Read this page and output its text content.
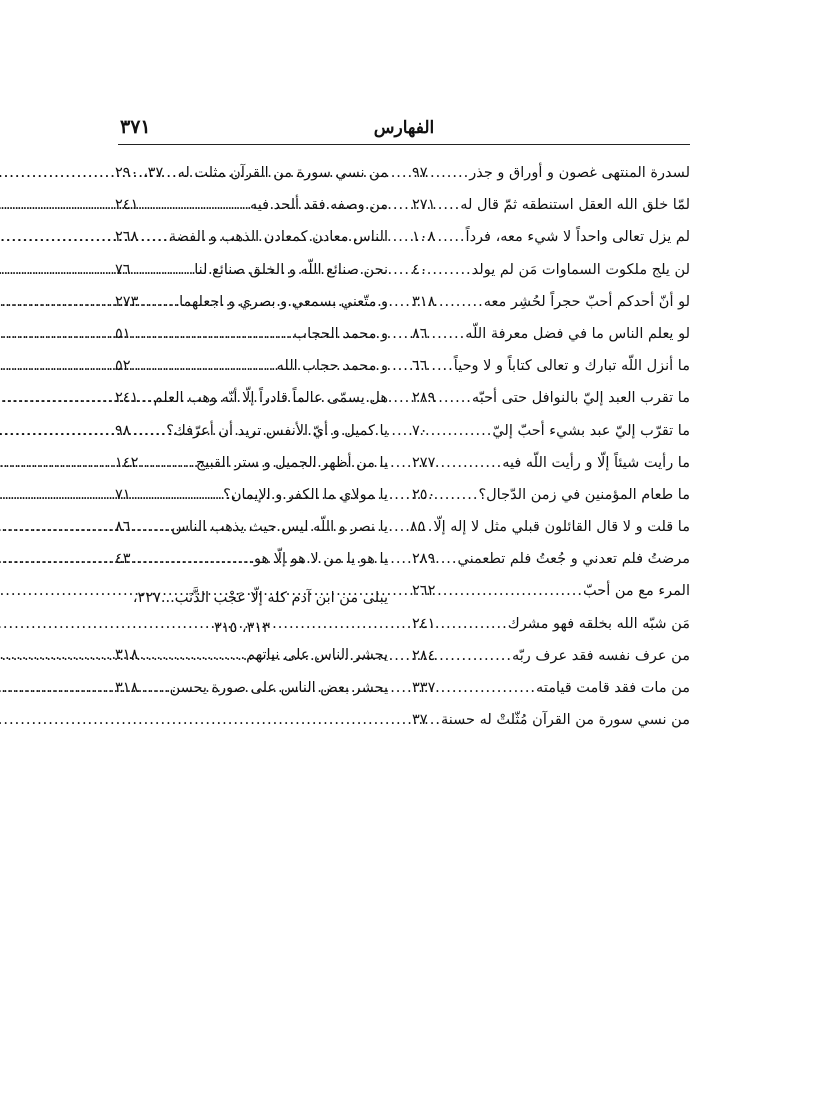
الفهارس
٣٧١
لسدرة المنتهى غصون و أوراق و جذر
.....
٩٧
لمّا خلق الله العقل استنطقه ثمّ قال له
.....
٢٧١
لم يزل تعالى واحداً لا شيء معه، فرداً
.....
١٠٨
لن يلج ملكوت السماوات مَن لم يولد
.....
٤٠
لو أنّ أحدكم أحبّ حجراً لحُشِر معه
.....
٣١٨
لو يعلم الناس ما في فضل معرفة اللّه
.....
٨٦
ما أنزل اللّه تبارك و تعالى كتاباً و لا وحياً
.....
٦٦
ما تقرب العبد إليّ بالنوافل حتى أحبّه
.....
٢٨٩
ما تقرّب إليّ عبد بشيء أحبّ إليّ
.....
٧٠
ما رأيت شيئاً إلّا و رأيت اللّه فيه
.....
٢٧٧
ما طعام المؤمنين في زمن الدّجال؟
.....
٢٥٠
ما قلت و لا قال القائلون قبلي مثل لا إله إلّا
.....
٨٥
مرضتُ فلم تعدني و جُعتُ فلم تطعمني
.....
٢٨٩
المرء مع من أحبّ
.....
٢٦٢
مَن شبّه الله بخلقه فهو مشرك
.....
٢٤١
من عرف نفسه فقد عرف ربّه
.....
٢٨٤
من مات فقد قامت قيامته
.....
٣٣٧
من نسي سورة من القرآن مُثّلتْ له حسنة
.....
٣٧
من نسي سورة من القرآن مثلت له
.....
٣٧، ٢٩٠
من وصفه فقد ألحد فيه
.....
٢٤١
الناس معادن كمعادن الذهب و الفضة
.....
٢٦٨
نحن صنائع اللّه و الخلق صنائع لنا
.....
٧٦
و متّعني بسمعي و بصري و اجعلهما
.....
٢٧٣
و محمد الحجاب
.....
٥١
و محمد حجاب الله
.....
٥٢
هل يسمّى عالماً قادراً إلّا أنّه وهب العلم
.....
٢٤١
يا كميل و أيّ الأنفس تريد أن أعرّفك؟
.....
٩٨
يا من أظهر الجميل و ستر القبيح
.....
١٤٢
يا مولاي ما الكفر و الإيمان؟
.....
٧١
يا نصر و اللّه ليس حيث يذهب الناس
.....
٨٦
يا هو يا من لا هو إلّا هو
.....
٤٣
يبلى من ابن آدم كله إلّا عَجْب الذَّنَب...٢٢٧،
٣١٣، ٣١٥
يحشر الناس على نياتهم
.....
٣١٨
يحشر بعض الناس على صورة يحسن
.....
٣١٨
